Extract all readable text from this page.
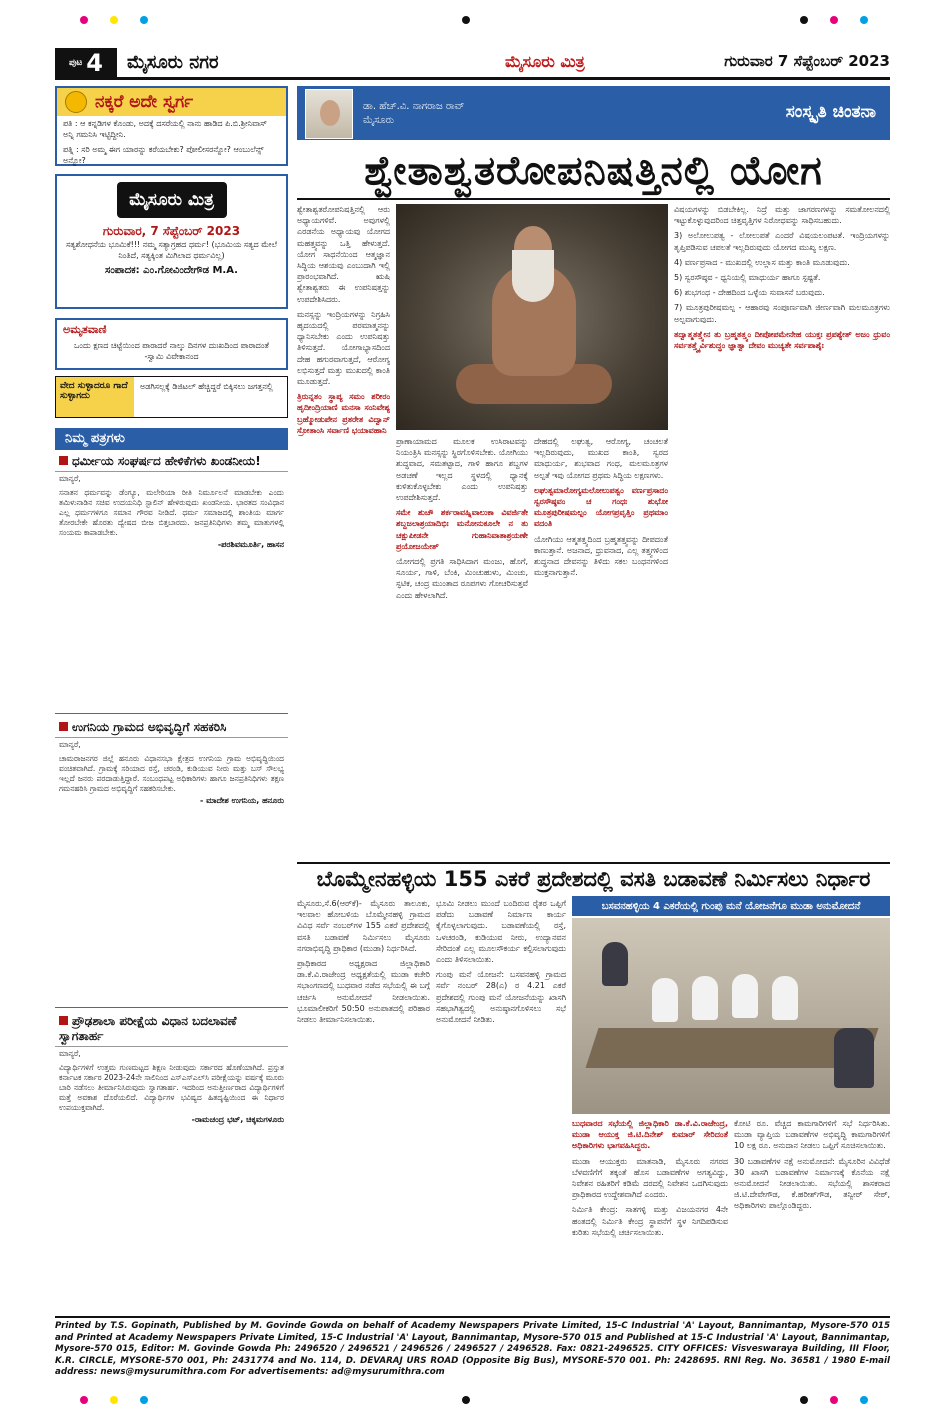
ಪುಟ 4 ಮೈಸೂರು ನಗರ	ಮೈಸೂರು ಮಿತ್ರ	ಗುರುವಾರ 7 ಸೆಪ್ಟೆಂಬರ್ 2023
ನಕ್ಕರೆ ಅದೇ ಸ್ವರ್ಗ
ಪತಿ : ಆ ಕನ್ನಡಿಗಳ ಕೊಂಡು, ಅದಕ್ಕೆ ದಸರೆಯಲ್ಲಿ ನಾನು ಹಾಡಿದ ಪಿ.ಬಿ.ಶ್ರೀನಿವಾಸ್ ಅನ್ನಿ ಗಮನಿಸಿ ಇಟ್ಟಿದ್ದೀನಿ.
ಪತ್ನಿ : ಸರಿ ಅಮ್ಮ ಈಗ ಯಾರನ್ನು ಕರೆಯಬೇಕು? ಪೋಲೀಸರನ್ನೋ? ಆಂಬುಲೆನ್ಸ್ ಅನ್ನೋ?
ಮೈಸೂರು ಮಿತ್ರ
ಗುರುವಾರ, 7 ಸೆಪ್ಟೆಂಬರ್ 2023
ಸತ್ಯಶೋಧನೆಯ ಭೂಮಿಕೆ!!! ನಮ್ಮ ಸತ್ಯಾಗ್ರಹದ ಧರ್ಮ! (ಭೂಮಿಯ ಸತ್ಯದ ಮೇಲೆ ನಿಂತಿದೆ, ಸತ್ಯಕ್ಕಿಂತ ಮಿಗಿಲಾದ ಧರ್ಮವಿಲ್ಲ)
ಸಂಪಾದಕ: ಎಂ.ಗೋವಿಂದೇಗೌಡ M.A.
ಅಮೃತವಾಣಿ
ಒಂದು ಕ್ಷಣದ ಚಿಟ್ಟೆಯಿಂದ ಪಾರಾದರೆ ನಾಲ್ಕು ದಿನಗಳ ದುಃಖದಿಂದ ಪಾರಾದಂತೆ -ಸ್ವಾಮಿ ವಿವೇಕಾನಂದ
ವೇದ ಸುಳ್ಳಾದರೂ ಗಾದೆ ಸುಳ್ಳಾಗದು
ಅಡಗಿಸಲ್ಲಕ್ಕೆ ಡಿಜಿಟಲ್ ಹೆಚ್ಚಿದ್ದರೆ ಬಿಕ್ಕಿಸಲು ಜಗತ್ತನಲ್ಲಿ
ನಿಮ್ಮ ಪತ್ರಗಳು
ಧರ್ಮೀಯ ಸಂಘರ್ಷದ ಹೇಳಿಕೆಗಳು ಖಂಡನೀಯ!
ಮಾನ್ಯರೆ,
ಸನಾತನ ಧರ್ಮವನ್ನು ಡೆಂಗ್ಯೂ, ಮಲೇರಿಯಾ ರೀತಿ ನಿರ್ಮೂಲನೆ ಮಾಡಬೇಕು ಎಂದು ತಮಿಳುನಾಡಿನ ಸಚಿವ ಉದಯನಿಧಿ ಸ್ಟಾಲಿನ್ ಹೇಳಿರುವುದು ಖಂಡನೀಯ. ಭಾರತದ ಸಂವಿಧಾನ ಎಲ್ಲ ಧರ್ಮಗಳಿಗೂ ಸಮಾನ ಗೌರವ ನೀಡಿದೆ. ಧರ್ಮ ಸಮಾಜದಲ್ಲಿ ಶಾಂತಿಯ ಮಾರ್ಗ ತೋರಬೇಕೇ ಹೊರತು ದ್ವೇಷದ ಬೀಜ ಬಿತ್ತಬಾರದು. ಜನಪ್ರತಿನಿಧಿಗಳು ತಮ್ಮ ಮಾತುಗಳಲ್ಲಿ ಸಂಯಮ ಕಾಪಾಡಬೇಕು.
-ಪರಶಿವಮೂರ್ತಿ, ಹಾಸನ
ಉಗನಿಯ ಗ್ರಾಮದ ಅಭಿವೃದ್ಧಿಗೆ ಸಹಕರಿಸಿ
ಮಾನ್ಯರೆ,
ಚಾಮರಾಜನಗರ ಜಿಲ್ಲೆ ಹನೂರು ವಿಧಾನಸಭಾ ಕ್ಷೇತ್ರದ ಉಗನಿಯ ಗ್ರಾಮ ಅಭಿವೃದ್ಧಿಯಿಂದ ವಂಚಿತವಾಗಿದೆ. ಗ್ರಾಮಕ್ಕೆ ಸರಿಯಾದ ರಸ್ತೆ, ಚರಂಡಿ, ಕುಡಿಯುವ ನೀರು ಮತ್ತು ಬಸ್ ಸೌಲಭ್ಯ ಇಲ್ಲದೆ ಜನರು ಪರದಾಡುತ್ತಿದ್ದಾರೆ. ಸಂಬಂಧಪಟ್ಟ ಅಧಿಕಾರಿಗಳು ಹಾಗೂ ಜನಪ್ರತಿನಿಧಿಗಳು ತಕ್ಷಣ ಗಮನಹರಿಸಿ ಗ್ರಾಮದ ಅಭಿವೃದ್ಧಿಗೆ ಸಹಕರಿಸಬೇಕು.
- ಮಾದೇಶ ಉಗನಿಯ, ಹನೂರು
ಪ್ರೌಢಶಾಲಾ ಪರೀಕ್ಷೆಯ ವಿಧಾನ ಬದಲಾವಣೆ ಸ್ವಾಗತಾರ್ಹ
ಮಾನ್ಯರೆ,
ವಿದ್ಯಾರ್ಥಿಗಳಿಗೆ ಉತ್ತಮ ಗುಣಮಟ್ಟದ ಶಿಕ್ಷಣ ನೀಡುವುದು ಸರ್ಕಾರದ ಹೊಣೆಯಾಗಿದೆ. ಪ್ರಸ್ತುತ ಕರ್ನಾಟಕ ಸರ್ಕಾರ 2023-24ನೇ ಸಾಲಿನಿಂದ ಎಸ್ಎಸ್ಎಲ್‌ಸಿ ಪರೀಕ್ಷೆಯನ್ನು ವರ್ಷಕ್ಕೆ ಮೂರು ಬಾರಿ ನಡೆಸಲು ತೀರ್ಮಾನಿಸಿರುವುದು ಸ್ವಾಗತಾರ್ಹ. ಇದರಿಂದ ಅನುತ್ತೀರ್ಣರಾದ ವಿದ್ಯಾರ್ಥಿಗಳಿಗೆ ಮತ್ತೆ ಅವಕಾಶ ದೊರೆಯಲಿದೆ. ವಿದ್ಯಾರ್ಥಿಗಳ ಭವಿಷ್ಯದ ಹಿತದೃಷ್ಟಿಯಿಂದ ಈ ನಿರ್ಧಾರ ಉಪಯುಕ್ತವಾಗಿದೆ.
-ರಾಮಚಂದ್ರ ಭಟ್, ಚಿಕ್ಕಮಗಳೂರು
ಡಾ. ಹೆಚ್.ವಿ. ನಾಗರಾಜ ರಾವ್
ಮೈಸೂರು	ಸಂಸ್ಕೃತಿ ಚಿಂತನಾ
ಶ್ವೇತಾಶ್ವತರೋಪನಿಷತ್ತಿನಲ್ಲಿ ಯೋಗ

ಶ್ವೇತಾಶ್ವತರೋಪನಿಷತ್ತಿನಲ್ಲಿ ಆರು ಅಧ್ಯಾಯಗಳಿವೆ. ಅವುಗಳಲ್ಲಿ ಎರಡನೆಯ ಅಧ್ಯಾಯವು ಯೋಗದ ಮಹತ್ತ್ವವನ್ನು ಒತ್ತಿ ಹೇಳುತ್ತದೆ. ಯೋಗ ಸಾಧನೆಯಿಂದ ಆತ್ಮಜ್ಞಾನ ಸಿದ್ಧಿಯ ಆಶಯವು ಎಂಬುದಾಗಿ ಇಲ್ಲಿ ಪ್ರಾರಂಭವಾಗಿದೆ. ಋಷಿ ಶ್ವೇತಾಶ್ವತರು ಈ ಉಪನಿಷತ್ತನ್ನು ಉಪದೇಶಿಸಿದರು.

ಮನಸ್ಸನ್ನು ಇಂದ್ರಿಯಗಳನ್ನು ನಿಗ್ರಹಿಸಿ ಹೃದಯದಲ್ಲಿ ಪರಮಾತ್ಮನನ್ನು ಧ್ಯಾನಿಸಬೇಕು ಎಂದು ಉಪನಿಷತ್ತು ತಿಳಿಸುತ್ತದೆ. ಯೋಗಾಭ್ಯಾಸದಿಂದ ದೇಹ ಹಗುರವಾಗುತ್ತದೆ, ಆರೋಗ್ಯ ಲಭಿಸುತ್ತದೆ ಮತ್ತು ಮುಖದಲ್ಲಿ ಕಾಂತಿ ಮೂಡುತ್ತದೆ.

ತ್ರಿರುನ್ನತಂ ಸ್ಥಾಪ್ಯ ಸಮಂ ಶರೀರಂ ಹೃದೀಂದ್ರಿಯಾಣಿ ಮನಸಾ ಸಂನಿವೇಶ್ಯ ಬ್ರಹ್ಮೋಡುಪೇನ ಪ್ರತರೇತ ವಿದ್ವಾನ್ ಸ್ರೋತಾಂಸಿ ಸರ್ವಾಣಿ ಭಯಾವಹಾನಿ

ಪ್ರಾಣಾಯಾಮದ ಮೂಲಕ ಉಸಿರಾಟವನ್ನು ನಿಯಂತ್ರಿಸಿ ಮನಸ್ಸನ್ನು ಸ್ಥಿರಗೊಳಿಸಬೇಕು. ಯೋಗಿಯು ಶುದ್ಧವಾದ, ಸಮತಟ್ಟಾದ, ಗಾಳಿ ಹಾಗೂ ಶಬ್ದಗಳ ಅಡಚಣೆ ಇಲ್ಲದ ಸ್ಥಳದಲ್ಲಿ ಧ್ಯಾನಕ್ಕೆ ಕುಳಿತುಕೊಳ್ಳಬೇಕು ಎಂದು ಉಪನಿಷತ್ತು ಉಪದೇಶಿಸುತ್ತದೆ.

ಸಮೇ ಶುಚೌ ಶರ್ಕರಾವಹ್ನಿವಾಲುಕಾ ವಿವರ್ಜಿತೇ ಶಬ್ದಜಲಾಶ್ರಯಾದಿಭಿಃ ಮನೋನುಕೂಲೇ ನ ತು ಚಕ್ಷುಪೀಡನೇ ಗುಹಾನಿವಾತಾಶ್ರಯಣೇ ಪ್ರಯೋಜಯೇತ್

ಯೋಗದಲ್ಲಿ ಪ್ರಗತಿ ಸಾಧಿಸಿದಾಗ ಮಂಜು, ಹೊಗೆ, ಸೂರ್ಯ, ಗಾಳಿ, ಬೆಂಕಿ, ಮಿಂಚುಹುಳು, ಮಿಂಚು, ಸ್ಫಟಿಕ, ಚಂದ್ರ ಮುಂತಾದ ರೂಪಗಳು ಗೋಚರಿಸುತ್ತವೆ ಎಂದು ಹೇಳಲಾಗಿದೆ.

ದೇಹದಲ್ಲಿ ಲಘುತ್ವ, ಆರೋಗ್ಯ, ಚಂಚಲತೆ ಇಲ್ಲದಿರುವುದು, ಮುಖದ ಕಾಂತಿ, ಸ್ವರದ ಮಾಧುರ್ಯ, ಶುಭವಾದ ಗಂಧ, ಮಲಮೂತ್ರಗಳ ಅಲ್ಪತೆ ಇವು ಯೋಗದ ಪ್ರಥಮ ಸಿದ್ಧಿಯ ಲಕ್ಷಣಗಳು.

ಲಘುತ್ವಮಾರೋಗ್ಯಮಲೋಲುಪತ್ವಂ ವರ್ಣಪ್ರಸಾದಂ ಸ್ವರಸೌಷ್ಠವಂ ಚ ಗಂಧಃ ಶುಭೋ ಮೂತ್ರಪುರೀಷಮಲ್ಪಂ ಯೋಗಪ್ರವೃತ್ತಿಂ ಪ್ರಥಮಾಂ ವದಂತಿ

ಯೋಗಿಯು ಆತ್ಮತತ್ತ್ವದಿಂದ ಬ್ರಹ್ಮತತ್ತ್ವವನ್ನು ದೀಪದಂತೆ ಕಾಣುತ್ತಾನೆ. ಅಜನಾದ, ಧ್ರುವನಾದ, ಎಲ್ಲ ತತ್ತ್ವಗಳಿಂದ ಶುದ್ಧನಾದ ದೇವನನ್ನು ತಿಳಿದು ಸಕಲ ಬಂಧನಗಳಿಂದ ಮುಕ್ತನಾಗುತ್ತಾನೆ.

ವಿಷಯಗಳನ್ನು ಬಿಡಬೇಕಿಲ್ಲ. ನಿದ್ರೆ ಮತ್ತು ಜಾಗರಣಗಳನ್ನು ಸಮತೋಲನದಲ್ಲಿ ಇಟ್ಟುಕೊಳ್ಳುವುದರಿಂದ ಚಿತ್ತವೃತ್ತಿಗಳ ನಿರೋಧವನ್ನು ಸಾಧಿಸಬಹುದು.

3) ಅಲೋಲುಪತ್ವ - ಲೋಲುಪತೆ ಎಂದರೆ ವಿಷಯಲಂಪಟತೆ. ಇಂದ್ರಿಯಗಳನ್ನು ತೃಪ್ತಿಪಡಿಸುವ ಚಪಲತೆ ಇಲ್ಲದಿರುವುದು ಯೋಗದ ಮುಖ್ಯ ಲಕ್ಷಣ.

4) ವರ್ಣಪ್ರಸಾದ - ಮುಖದಲ್ಲಿ ಉಲ್ಲಾಸ ಮತ್ತು ಕಾಂತಿ ಮೂಡುವುದು.

5) ಸ್ವರಸೌಷ್ಠವ - ಧ್ವನಿಯಲ್ಲಿ ಮಾಧುರ್ಯ ಹಾಗೂ ಸ್ಪಷ್ಟತೆ.

6) ಶುಭಗಂಧ - ದೇಹದಿಂದ ಒಳ್ಳೆಯ ಸುವಾಸನೆ ಬರುವುದು.

7) ಮೂತ್ರಪುರೀಷಮಲ್ಪ - ಆಹಾರವು ಸಂಪೂರ್ಣವಾಗಿ ಜೀರ್ಣವಾಗಿ ಮಲಮೂತ್ರಗಳು ಅಲ್ಪವಾಗುವುದು.

ತದ್ವಾತ್ಮತತ್ತ್ವೇನ ತು ಬ್ರಹ್ಮತತ್ತ್ವಂ ದೀಪೋಪಮೇನೇಹ ಯುಕ್ತಃ ಪ್ರಪಶ್ಯೇತ್ ಅಜಂ ಧ್ರುವಂ ಸರ್ವತತ್ತ್ವೈರ್ವಿಶುದ್ಧಂ ಜ್ಞಾತ್ವಾ ದೇವಂ ಮುಚ್ಯತೇ ಸರ್ವಪಾಶೈಃ

ಬೊಮ್ಮೇನಹಳ್ಳಿಯ 155 ಎಕರೆ ಪ್ರದೇಶದಲ್ಲಿ ವಸತಿ ಬಡಾವಣೆ ನಿರ್ಮಿಸಲು ನಿರ್ಧಾರ

ಮೈಸೂರು,ಸೆ.6(ಆರ್‌ಕೆ)- ಮೈಸೂರು ತಾಲೂಕು, ಇಲವಾಲ ಹೋಬಳಿಯ ಬೊಮ್ಮೇನಹಳ್ಳಿ ಗ್ರಾಮದ ವಿವಿಧ ಸರ್ವೆ ನಂಬರ್‌ಗಳ 155 ಎಕರೆ ಪ್ರದೇಶದಲ್ಲಿ ವಸತಿ ಬಡಾವಣೆ ನಿರ್ಮಿಸಲು ಮೈಸೂರು ನಗರಾಭಿವೃದ್ಧಿ ಪ್ರಾಧಿಕಾರ (ಮುಡಾ) ನಿರ್ಧರಿಸಿದೆ.

ಪ್ರಾಧಿಕಾರದ ಅಧ್ಯಕ್ಷರಾದ ಜಿಲ್ಲಾಧಿಕಾರಿ ಡಾ.ಕೆ.ವಿ.ರಾಜೇಂದ್ರ ಅಧ್ಯಕ್ಷತೆಯಲ್ಲಿ ಮುಡಾ ಕಚೇರಿ ಸಭಾಂಗಣದಲ್ಲಿ ಬುಧವಾರ ನಡೆದ ಸಭೆಯಲ್ಲಿ ಈ ಬಗ್ಗೆ ಚರ್ಚಿಸಿ ಅನುಮೋದನೆ ನೀಡಲಾಯಿತು. ಭೂಮಾಲೀಕರಿಗೆ 50:50 ಅನುಪಾತದಲ್ಲಿ ಪರಿಹಾರ ನೀಡಲು ತೀರ್ಮಾನಿಸಲಾಯಿತು.

ಭೂಮಿ ನೀಡಲು ಮುಂದೆ ಬಂದಿರುವ ರೈತರ ಒಪ್ಪಿಗೆ ಪಡೆದು ಬಡಾವಣೆ ನಿರ್ಮಾಣ ಕಾರ್ಯ ಕೈಗೊಳ್ಳಲಾಗುವುದು. ಬಡಾವಣೆಯಲ್ಲಿ ರಸ್ತೆ, ಒಳಚರಂಡಿ, ಕುಡಿಯುವ ನೀರು, ಉದ್ಯಾನವನ ಸೇರಿದಂತೆ ಎಲ್ಲ ಮೂಲಸೌಕರ್ಯ ಕಲ್ಪಿಸಲಾಗುವುದು ಎಂದು ತಿಳಿಸಲಾಯಿತು.

ಗುಂಪು ಮನೆ ಯೋಜನೆ: ಬಸವನಹಳ್ಳಿ ಗ್ರಾಮದ ಸರ್ವೆ ನಂಬರ್ 28(ಎ) ರ 4.21 ಎಕರೆ ಪ್ರದೇಶದಲ್ಲಿ ಗುಂಪು ಮನೆ ಯೋಜನೆಯನ್ನು ಖಾಸಗಿ ಸಹಭಾಗಿತ್ವದಲ್ಲಿ ಅನುಷ್ಠಾನಗೊಳಿಸಲು ಸಭೆ ಅನುಮೋದನೆ ನೀಡಿತು.

ಬಸವನಹಳ್ಳಿಯ 4 ಎಕರೆಯಲ್ಲಿ ಗುಂಪು ಮನೆ ಯೋಜನೆಗೂ ಮುಡಾ ಅನುಮೋದನೆ

ಬುಧವಾರದ ಸಭೆಯಲ್ಲಿ ಜಿಲ್ಲಾಧಿಕಾರಿ ಡಾ.ಕೆ.ವಿ.ರಾಜೇಂದ್ರ, ಮುಡಾ ಆಯುಕ್ತ ಜಿ.ಟಿ.ದಿನೇಶ್ ಕುಮಾರ್ ಸೇರಿದಂತೆ ಅಧಿಕಾರಿಗಳು ಭಾಗವಹಿಸಿದ್ದರು.

ಮುಡಾ ಆಯುಕ್ತರು ಮಾತನಾಡಿ, ಮೈಸೂರು ನಗರದ ಬೆಳವಣಿಗೆಗೆ ತಕ್ಕಂತೆ ಹೊಸ ಬಡಾವಣೆಗಳ ಅಗತ್ಯವಿದ್ದು, ನಿವೇಶನ ರಹಿತರಿಗೆ ಕಡಿಮೆ ದರದಲ್ಲಿ ನಿವೇಶನ ಒದಗಿಸುವುದು ಪ್ರಾಧಿಕಾರದ ಉದ್ದೇಶವಾಗಿದೆ ಎಂದರು.

ನಿರ್ಮಿತಿ ಕೇಂದ್ರ: ಸಾತಗಳ್ಳಿ ಮತ್ತು ವಿಜಯನಗರ 4ನೇ ಹಂತದಲ್ಲಿ ನಿರ್ಮಿತಿ ಕೇಂದ್ರ ಸ್ಥಾಪನೆಗೆ ಸ್ಥಳ ನಿಗದಿಪಡಿಸುವ ಕುರಿತು ಸಭೆಯಲ್ಲಿ ಚರ್ಚಿಸಲಾಯಿತು.

ಕೋಟಿ ರೂ. ವೆಚ್ಚದ ಕಾಮಗಾರಿಗಳಿಗೆ ಸಭೆ ನಿರ್ಧರಿಸಿತು. ಮುಡಾ ವ್ಯಾಪ್ತಿಯ ಬಡಾವಣೆಗಳ ಅಭಿವೃದ್ಧಿ ಕಾಮಗಾರಿಗಳಿಗೆ 10 ಲಕ್ಷ ರೂ. ಅನುದಾನ ನೀಡಲು ಒಪ್ಪಿಗೆ ಸೂಚಿಸಲಾಯಿತು.

30 ಬಡಾವಣೆಗಳ ನಕ್ಷೆ ಅನುಮೋದನೆ: ಮೈಸೂರಿನ ವಿವಿಧೆಡೆ 30 ಖಾಸಗಿ ಬಡಾವಣೆಗಳ ನಿರ್ಮಾಣಕ್ಕೆ ಕೊನೆಯ ನಕ್ಷೆ ಅನುಮೋದನೆ ನೀಡಲಾಯಿತು. ಸಭೆಯಲ್ಲಿ ಶಾಸಕರಾದ ಜಿ.ಟಿ.ದೇವೇಗೌಡ, ಕೆ.ಹರೀಶ್‌ಗೌಡ, ತನ್ವೀರ್ ಸೇಠ್, ಅಧಿಕಾರಿಗಳು ಪಾಲ್ಗೊಂಡಿದ್ದರು.

Printed by T.S. Gopinath, Published by M. Govinde Gowda on behalf of Academy Newspapers Private Limited, 15-C Industrial 'A' Layout, Bannimantap, Mysore-570 015 and Printed at Academy Newspapers Private Limited, 15-C Industrial 'A' Layout, Bannimantap, Mysore-570 015 and Published at 15-C Industrial 'A' Layout, Bannimantap, Mysore-570 015, Editor: M. Govinde Gowda Ph: 2496520 / 2496521 / 2496526 / 2496527 / 2496528. Fax: 0821-2496525. CITY OFFICES: Visveswaraya Building, III Floor, K.R. CIRCLE, MYSORE-570 001, Ph: 2431774 and No. 114, D. DEVARAJ URS ROAD (Opposite Big Bus), MYSORE-570 001. Ph: 2428695. RNI Reg. No. 36581 / 1980 E-mail address: news@mysurumithra.com For advertisements: ad@mysurumithra.com
